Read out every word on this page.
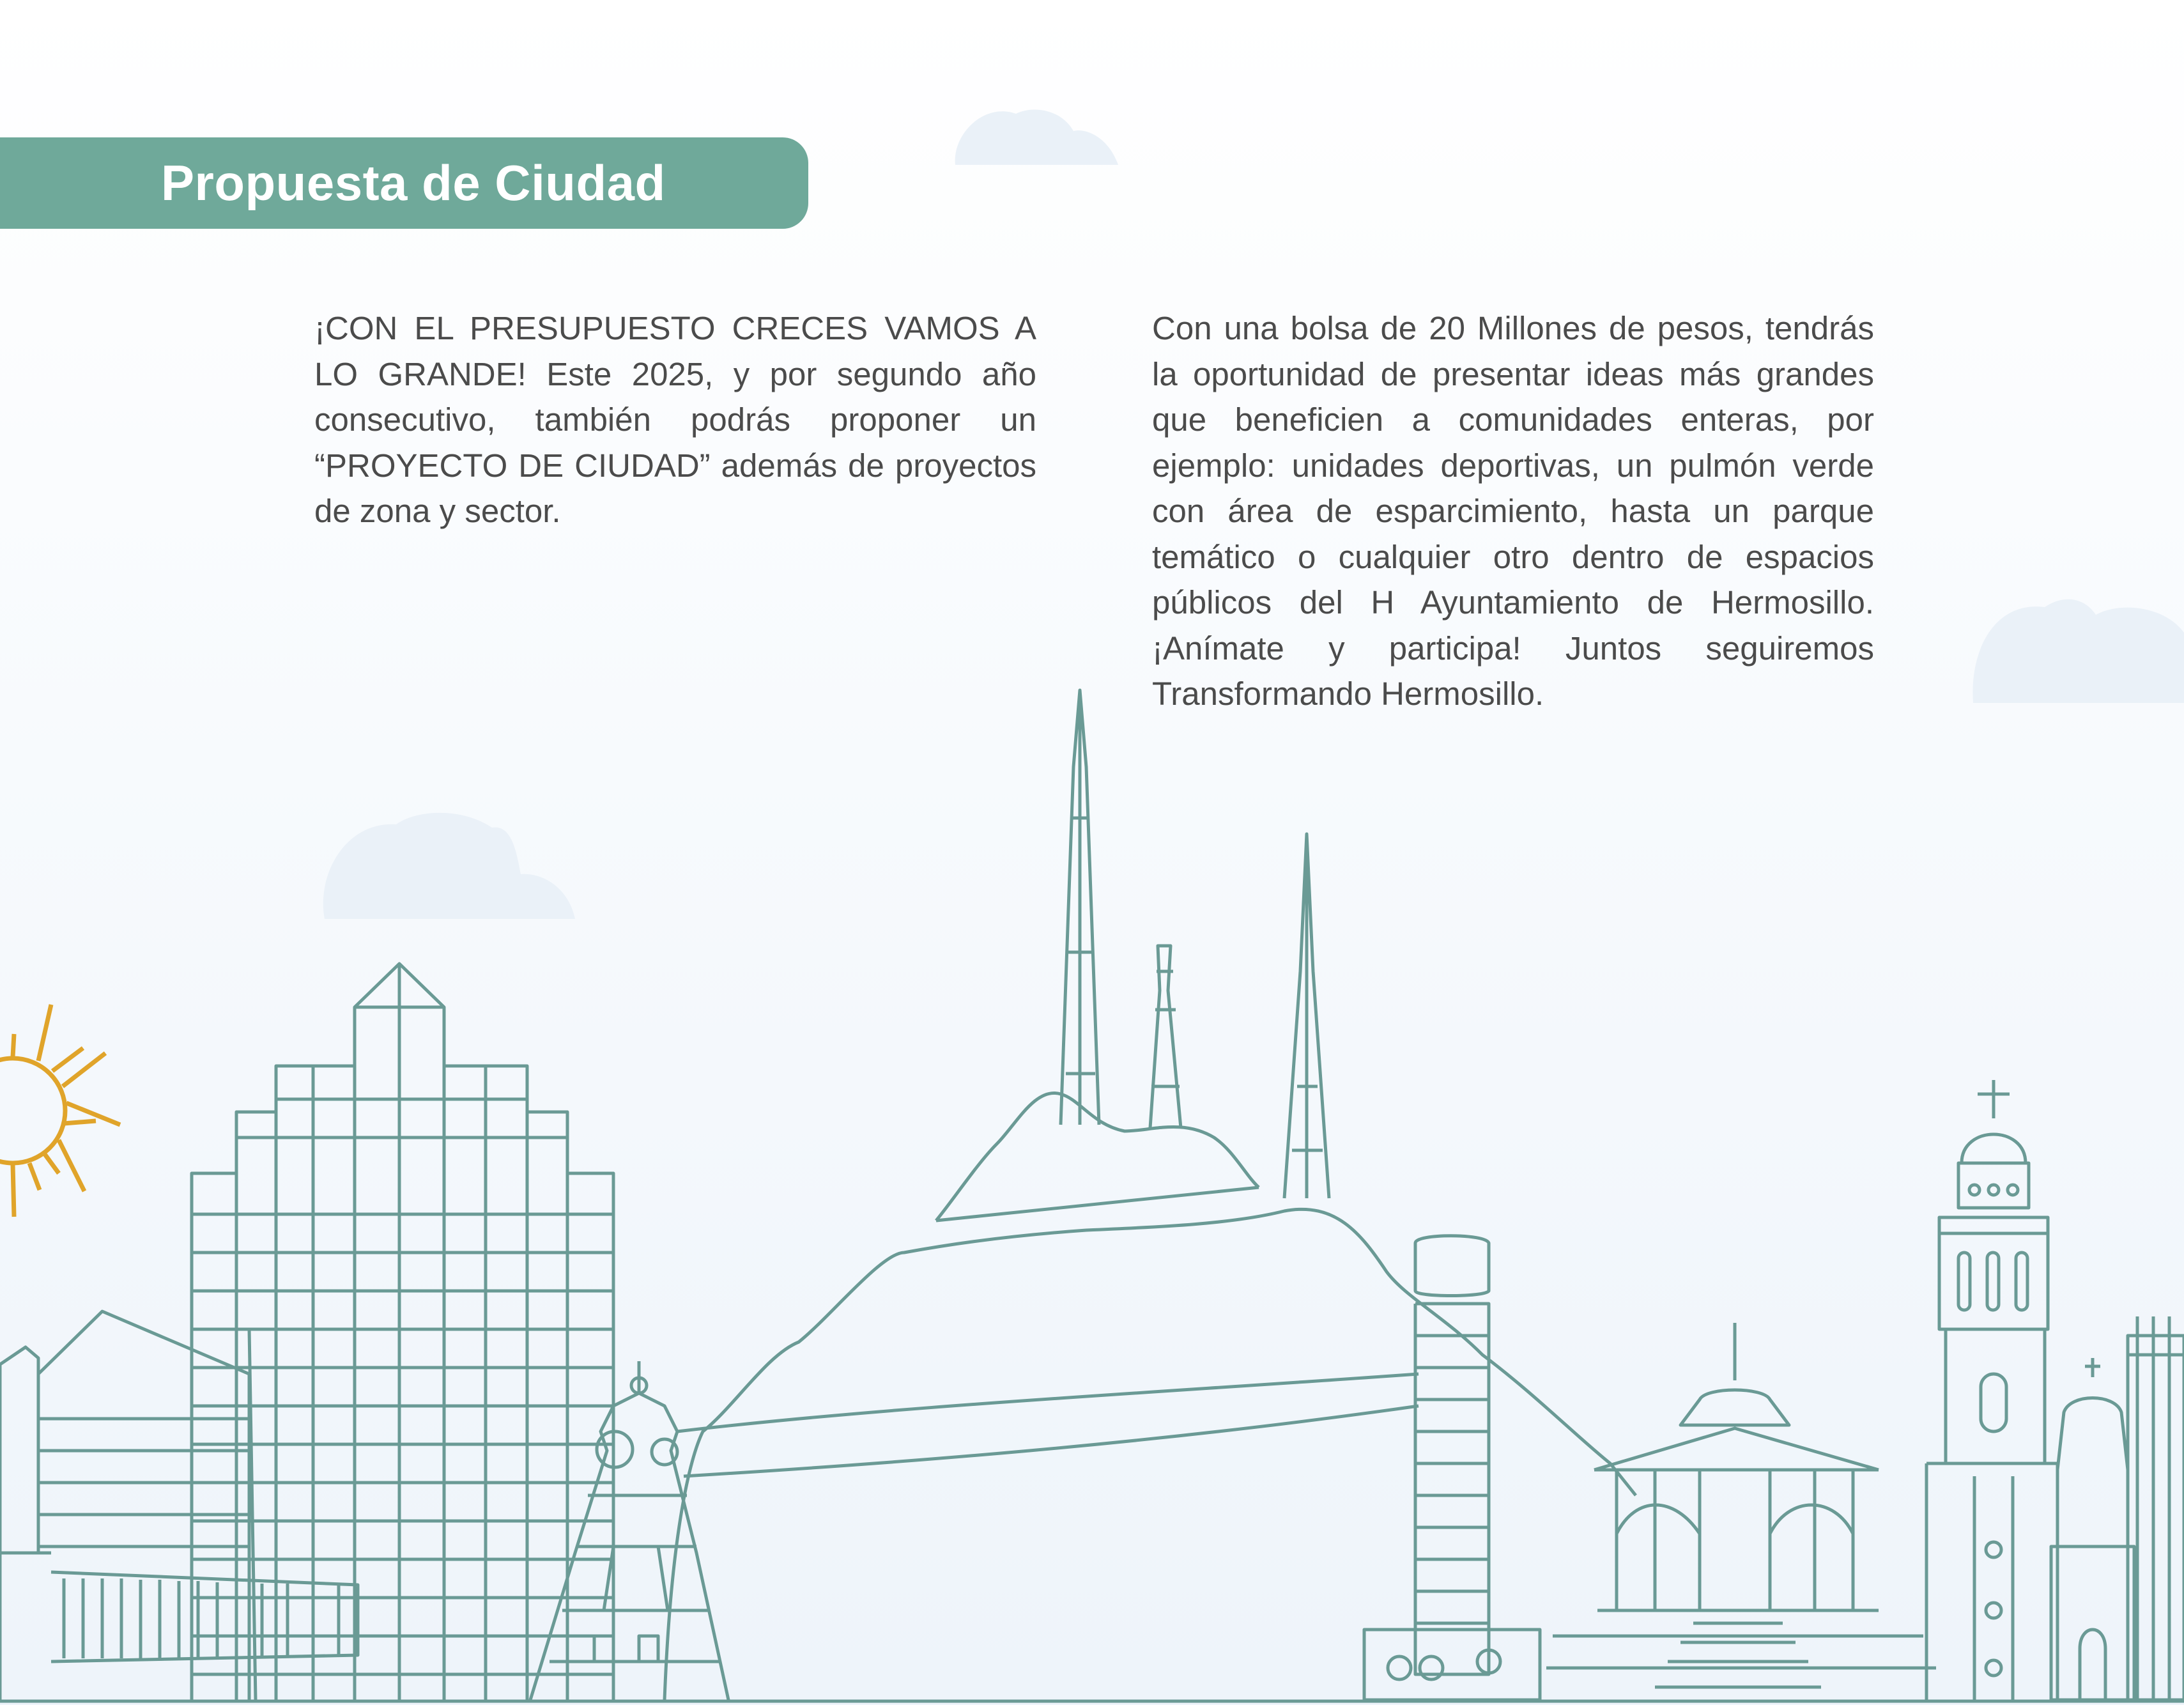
Propuesta de Ciudad
¡CON EL PRESUPUESTO CRECES VAMOS A LO GRANDE! Este 2025, y por segundo año consecutivo, también podrás proponer un “PROYECTO DE CIUDAD” además de proyectos de zona y sector.
Con una bolsa de 20 Millones de pesos, tendrás la oportunidad de presentar ideas más grandes que beneficien a comunidades enteras, por ejemplo: unidades deportivas, un pulmón verde con área de esparcimiento, hasta un parque temático o cualquier otro dentro de espacios públicos del H Ayuntamiento de Hermosillo. ¡Anímate y participa! Juntos seguiremos Transformando Hermosillo.
